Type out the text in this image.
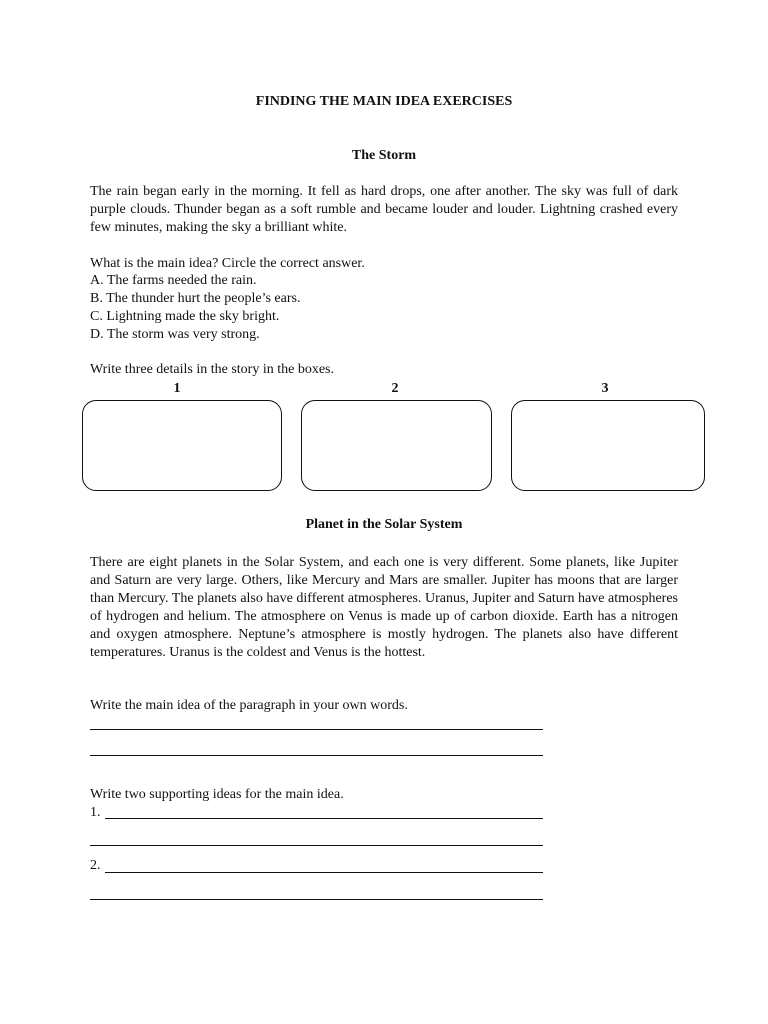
FINDING THE MAIN IDEA EXERCISES
The Storm

The rain began early in the morning. It fell as hard drops, one after another. The sky was full of dark purple clouds. Thunder began as a soft rumble and became louder and louder. Lightning crashed every few minutes, making the sky a brilliant white.

What is the main idea? Circle the correct answer.
A. The farms needed the rain.
B. The thunder hurt the people’s ears.
C. Lightning made the sky bright.
D. The storm was very strong.
Write three details in the story in the boxes.
1	2	3
Planet in the Solar System

There are eight planets in the Solar System, and each one is very different. Some planets, like Jupiter and Saturn are very large. Others, like Mercury and Mars are smaller. Jupiter has moons that are larger than Mercury. The planets also have different atmospheres. Uranus, Jupiter and Saturn have atmospheres of hydrogen and helium. The atmosphere on Venus is made up of carbon dioxide. Earth has a nitrogen and oxygen atmosphere. Neptune’s atmosphere is mostly hydrogen. The planets also have different temperatures. Uranus is the coldest and Venus is the hottest.

Write the main idea of the paragraph in your own words.
Write two supporting ideas for the main idea.
1.
2.
